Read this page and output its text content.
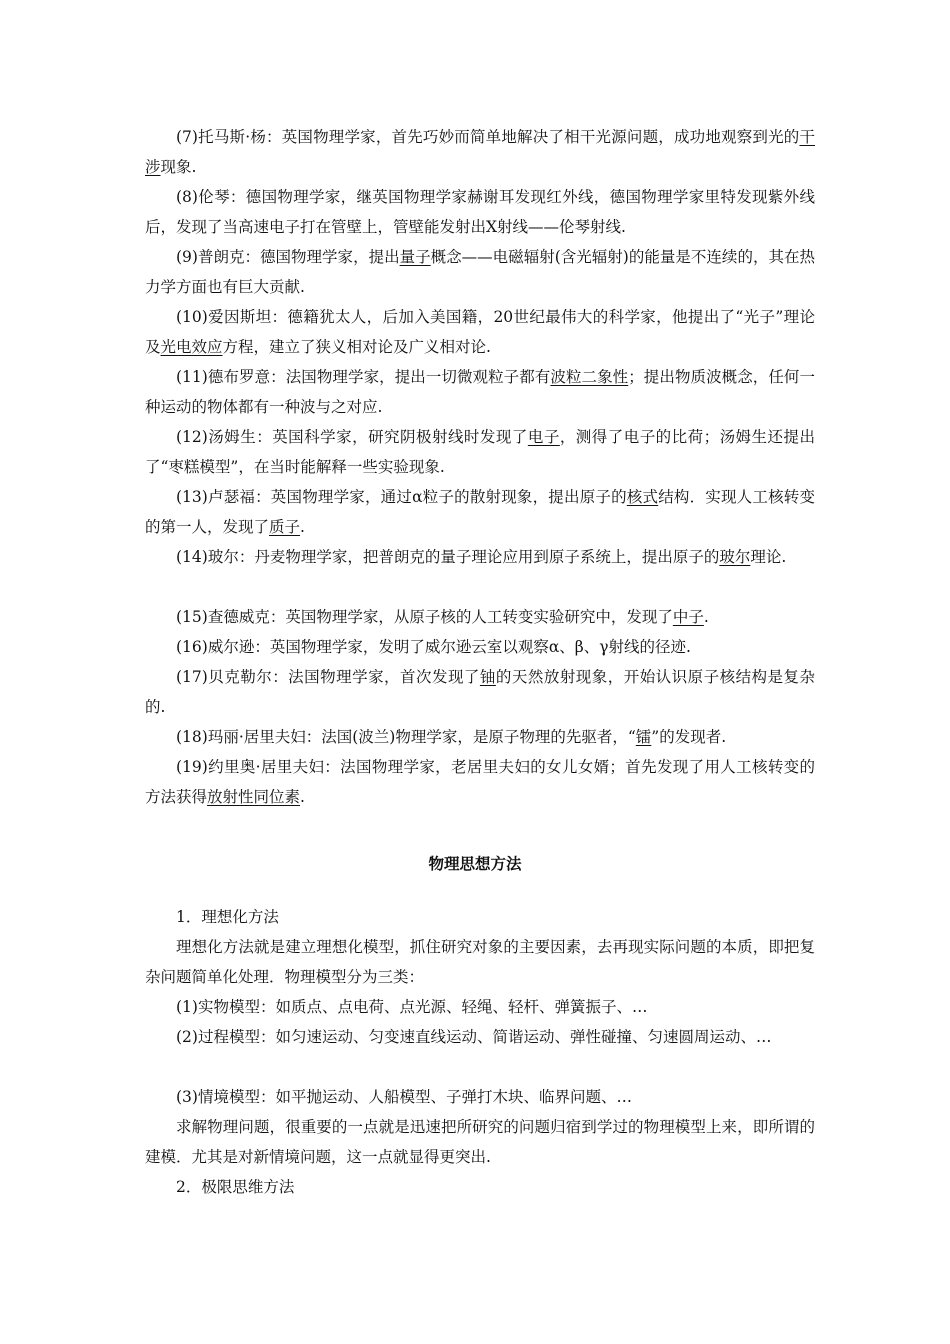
(7)托马斯·杨：英国物理学家，首先巧妙而简单地解决了相干光源问题，成功地观察到光的干涉现象.

(8)伦琴：德国物理学家，继英国物理学家赫谢耳发现红外线，德国物理学家里特发现紫外线后，发现了当高速电子打在管壁上，管壁能发射出X射线——伦琴射线.

(9)普朗克：德国物理学家，提出量子概念——电磁辐射(含光辐射)的能量是不连续的，其在热力学方面也有巨大贡献.

(10)爱因斯坦：德籍犹太人，后加入美国籍，20世纪最伟大的科学家，他提出了“光子”理论及光电效应方程，建立了狭义相对论及广义相对论.

(11)德布罗意：法国物理学家，提出一切微观粒子都有波粒二象性；提出物质波概念，任何一种运动的物体都有一种波与之对应.

(12)汤姆生：英国科学家，研究阴极射线时发现了电子，测得了电子的比荷；汤姆生还提出了“枣糕模型”，在当时能解释一些实验现象.

(13)卢瑟福：英国物理学家，通过α粒子的散射现象，提出原子的核式结构．实现人工核转变的第一人，发现了质子.

(14)玻尔：丹麦物理学家，把普朗克的量子理论应用到原子系统上，提出原子的玻尔理论.

(15)查德威克：英国物理学家，从原子核的人工转变实验研究中，发现了中子.

(16)威尔逊：英国物理学家，发明了威尔逊云室以观察α、β、γ射线的径迹.

(17)贝克勒尔：法国物理学家，首次发现了铀的天然放射现象，开始认识原子核结构是复杂的.

(18)玛丽·居里夫妇：法国(波兰)物理学家，是原子物理的先驱者，“镭”的发现者.

(19)约里奥·居里夫妇：法国物理学家，老居里夫妇的女儿女婿；首先发现了用人工核转变的方法获得放射性同位素.

物理思想方法

1．理想化方法

理想化方法就是建立理想化模型，抓住研究对象的主要因素，去再现实际问题的本质，即把复杂问题简单化处理．物理模型分为三类：

(1)实物模型：如质点、点电荷、点光源、轻绳、轻杆、弹簧振子、…

(2)过程模型：如匀速运动、匀变速直线运动、简谐运动、弹性碰撞、匀速圆周运动、…

(3)情境模型：如平抛运动、人船模型、子弹打木块、临界问题、…

求解物理问题，很重要的一点就是迅速把所研究的问题归宿到学过的物理模型上来，即所谓的建模．尤其是对新情境问题，这一点就显得更突出.

2．极限思维方法
